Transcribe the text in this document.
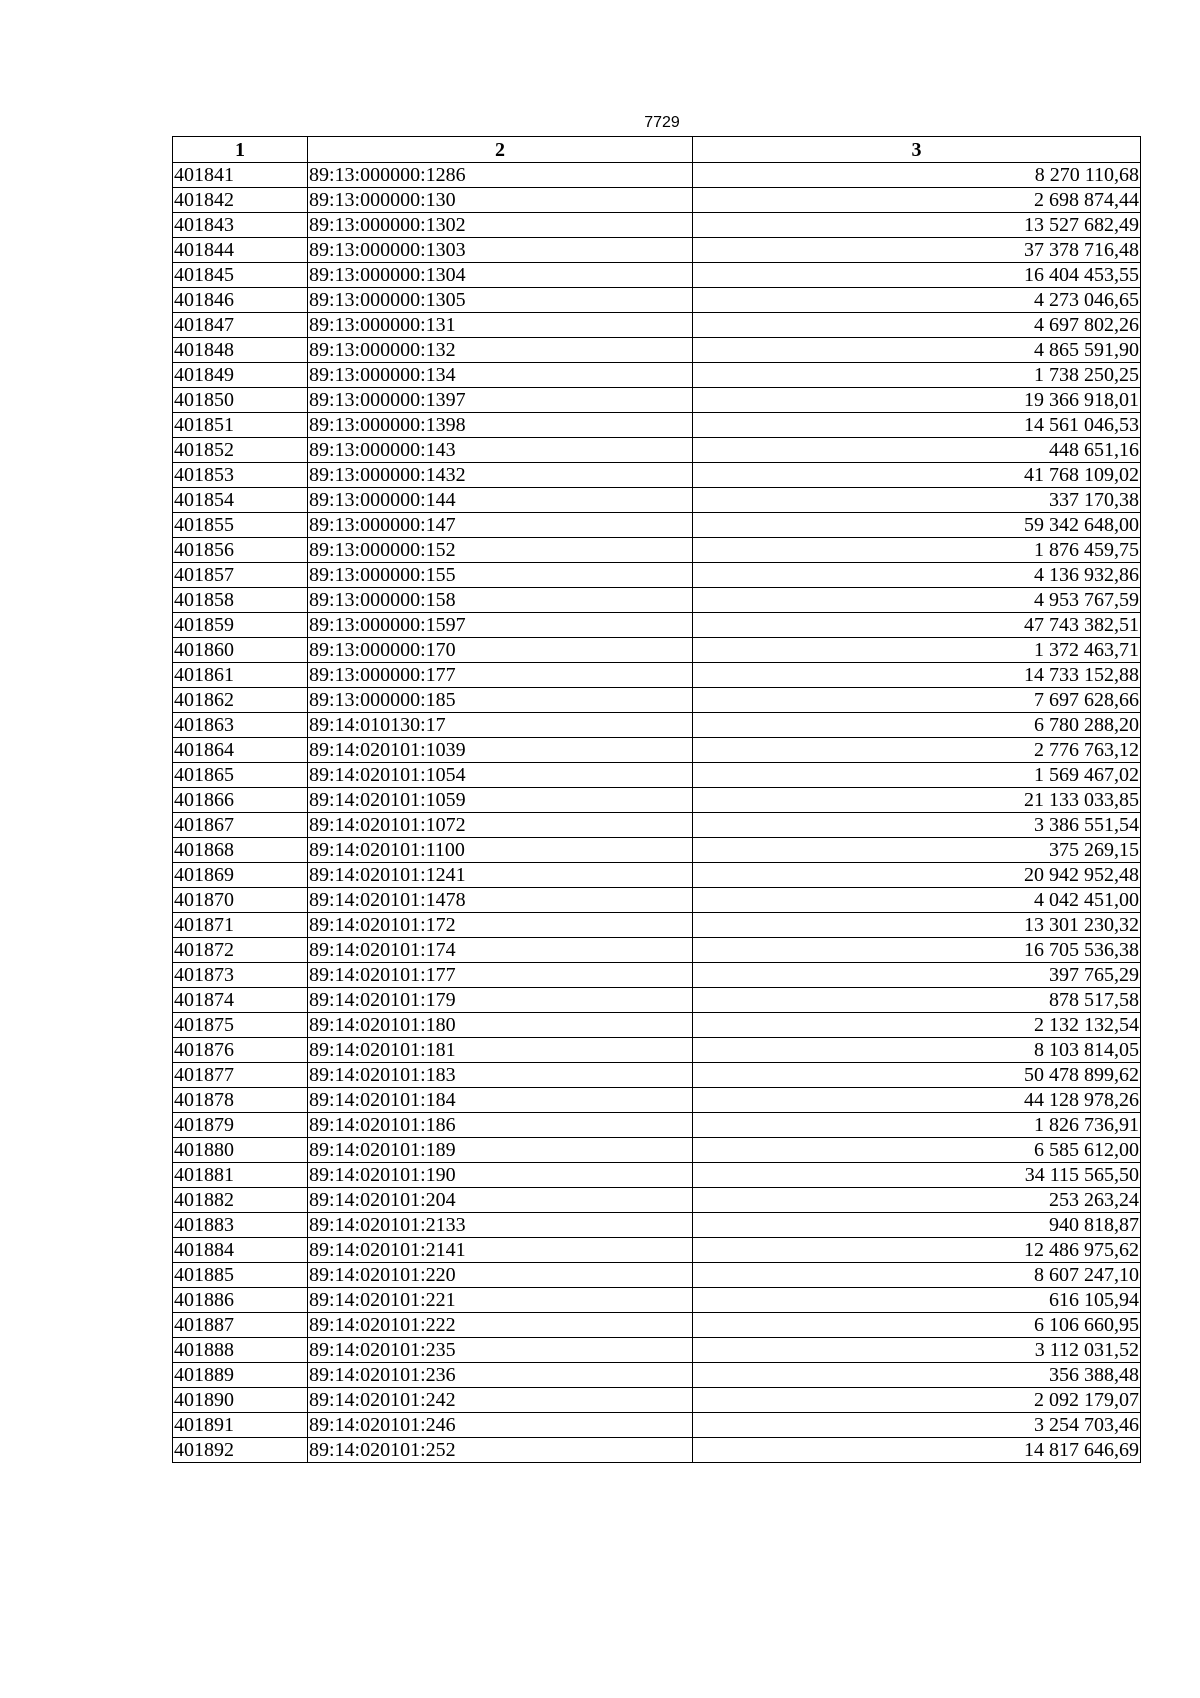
7729
1	2	3
401841	89:13:000000:1286	8 270 110,68
401842	89:13:000000:130	2 698 874,44
401843	89:13:000000:1302	13 527 682,49
401844	89:13:000000:1303	37 378 716,48
401845	89:13:000000:1304	16 404 453,55
401846	89:13:000000:1305	4 273 046,65
401847	89:13:000000:131	4 697 802,26
401848	89:13:000000:132	4 865 591,90
401849	89:13:000000:134	1 738 250,25
401850	89:13:000000:1397	19 366 918,01
401851	89:13:000000:1398	14 561 046,53
401852	89:13:000000:143	448 651,16
401853	89:13:000000:1432	41 768 109,02
401854	89:13:000000:144	337 170,38
401855	89:13:000000:147	59 342 648,00
401856	89:13:000000:152	1 876 459,75
401857	89:13:000000:155	4 136 932,86
401858	89:13:000000:158	4 953 767,59
401859	89:13:000000:1597	47 743 382,51
401860	89:13:000000:170	1 372 463,71
401861	89:13:000000:177	14 733 152,88
401862	89:13:000000:185	7 697 628,66
401863	89:14:010130:17	6 780 288,20
401864	89:14:020101:1039	2 776 763,12
401865	89:14:020101:1054	1 569 467,02
401866	89:14:020101:1059	21 133 033,85
401867	89:14:020101:1072	3 386 551,54
401868	89:14:020101:1100	375 269,15
401869	89:14:020101:1241	20 942 952,48
401870	89:14:020101:1478	4 042 451,00
401871	89:14:020101:172	13 301 230,32
401872	89:14:020101:174	16 705 536,38
401873	89:14:020101:177	397 765,29
401874	89:14:020101:179	878 517,58
401875	89:14:020101:180	2 132 132,54
401876	89:14:020101:181	8 103 814,05
401877	89:14:020101:183	50 478 899,62
401878	89:14:020101:184	44 128 978,26
401879	89:14:020101:186	1 826 736,91
401880	89:14:020101:189	6 585 612,00
401881	89:14:020101:190	34 115 565,50
401882	89:14:020101:204	253 263,24
401883	89:14:020101:2133	940 818,87
401884	89:14:020101:2141	12 486 975,62
401885	89:14:020101:220	8 607 247,10
401886	89:14:020101:221	616 105,94
401887	89:14:020101:222	6 106 660,95
401888	89:14:020101:235	3 112 031,52
401889	89:14:020101:236	356 388,48
401890	89:14:020101:242	2 092 179,07
401891	89:14:020101:246	3 254 703,46
401892	89:14:020101:252	14 817 646,69
